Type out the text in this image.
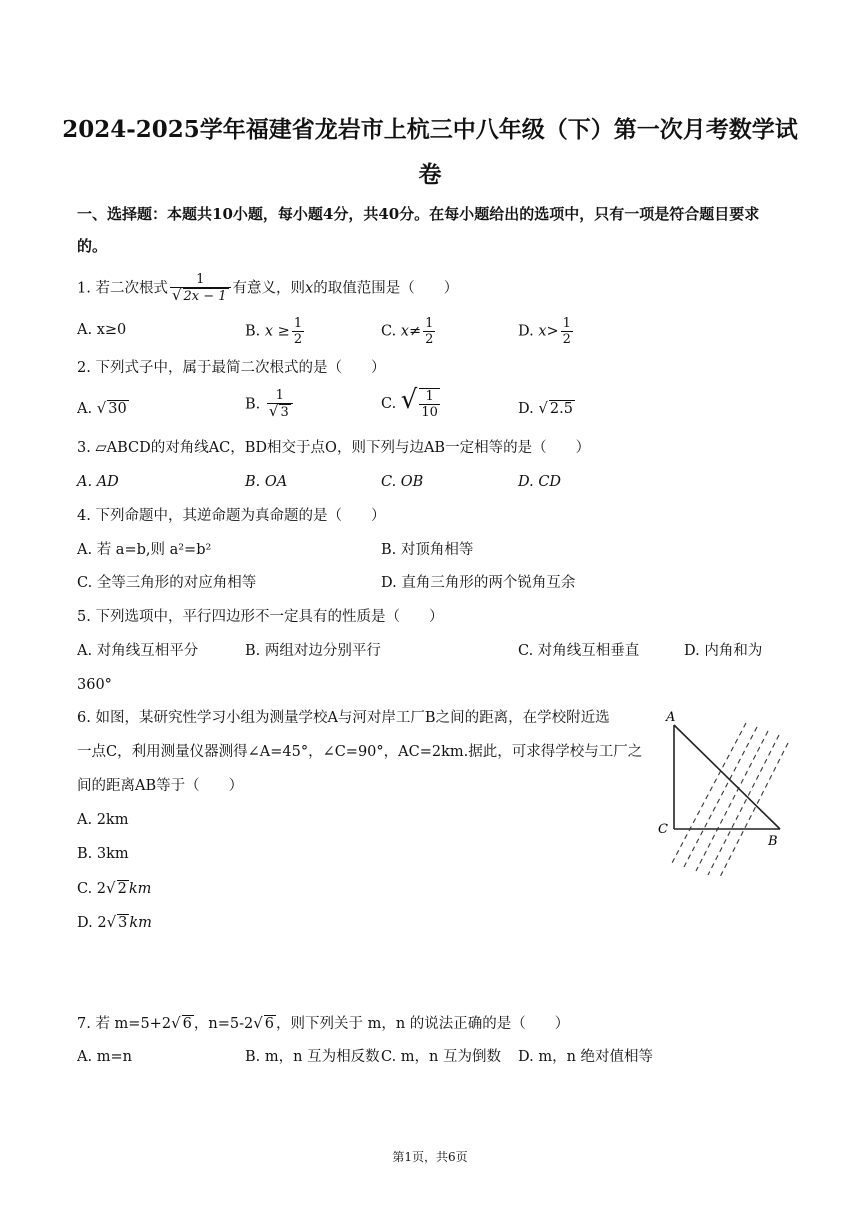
2024-2025学年福建省龙岩市上杭三中八年级（下）第一次月考数学试
卷
一、选择题：本题共10小题，每小题4分，共40分。在每小题给出的选项中，只有一项是符合题目要求
的。
1. 若二次根式 $\frac{1}{√ 2x - 1}$ 有意义，则x的取值范围是（　　）
A. x≥0	B. $x \ge \frac{1}{2}$	C. $x\ne \frac{1}{2}$	D. $x> \frac{1}{2}$
2. 下列式子中，属于最简二次根式的是（　　）
A. √ 30	B. $\frac{1}{√ 3}$	C. √ $\frac{1}{10}$	D. √ 2.5
3. ▱ABCD的对角线AC，BD相交于点O，则下列与边AB一定相等的是（　　）
A. AD	B. OA	C. OB	D. CD
4. 下列命题中，其逆命题为真命题的是（　　）
A. 若 a=b,则 a²=b²	B. 对顶角相等
C. 全等三角形的对应角相等	D. 直角三角形的两个锐角互余
5. 下列选项中，平行四边形不一定具有的性质是（　　）
A. 对角线互相平分	B. 两组对边分别平行	C. 对角线互相垂直	D. 内角和为
360°
6. 如图，某研究性学习小组为测量学校A与河对岸工厂B之间的距离，在学校附近选
一点C，利用测量仪器测得∠A=45°，∠C=90°，AC=2km.据此，可求得学校与工厂之
间的距离AB等于（　　）
A. 2km
B. 3km
C. 2√ 2 km
D. 2√ 3 km
A
C
B
7. 若 m=5+2√ 6 ，n=5-2√ 6 ，则下列关于 m，n 的说法正确的是（　　）
A. m=n	B. m，n 互为相反数 C. m，n 互为倒数 D. m，n 绝对值相等
第1页，共6页
